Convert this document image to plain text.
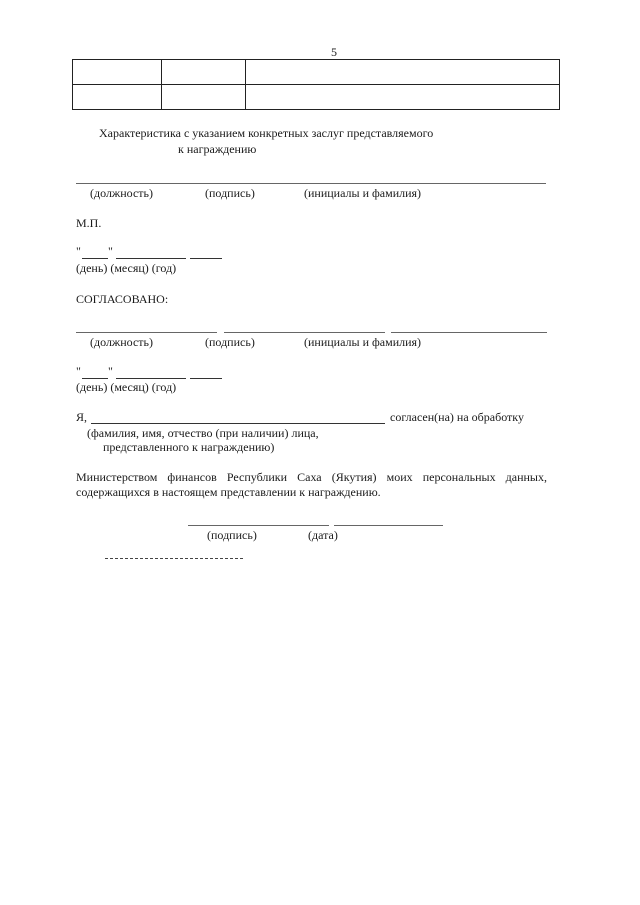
5

Характеристика с указанием конкретных заслуг представляемого
к награждению
(должность)	(подпись)	(инициалы и фамилия)
М.П.
" "
(день) (месяц) (год)
СОГЛАСОВАНО:
(должность)	(подпись)	(инициалы и фамилия)
" "
(день) (месяц) (год)
Я,	согласен(на) на обработку
(фамилия, имя, отчество (при наличии) лица,
представленного к награждению)
Министерством финансов Республики Саха (Якутия) моих персональных данных,
содержащихся в настоящем представлении к награждению.
(подпись)	(дата)
